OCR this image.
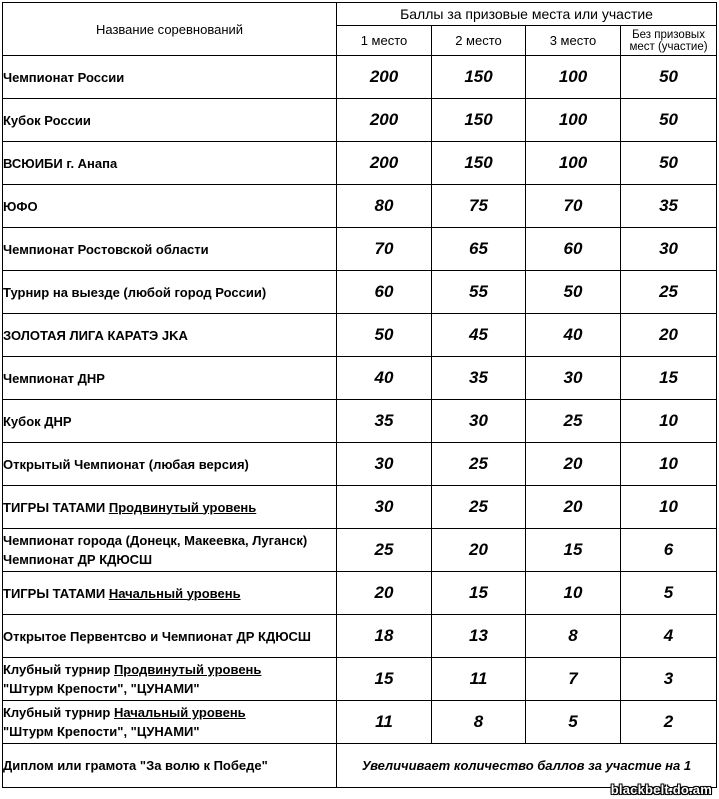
Название соревнований	Баллы за призовые места или участие			
	1 место	2 место	3 место	Без призовых мест (участие)
Чемпионат России	200	150	100	50
Кубок России	200	150	100	50
ВСЮИБИ г. Анапа	200	150	100	50
ЮФО	80	75	70	35
Чемпионат Ростовской области	70	65	60	30
Турнир на выезде (любой город России)	60	55	50	25
ЗОЛОТАЯ ЛИГА КАРАТЭ JKA	50	45	40	20
Чемпионат ДНР	40	35	30	15
Кубок ДНР	35	30	25	10
Открытый Чемпионат (любая версия)	30	25	20	10
ТИГРЫ ТАТАМИ Продвинутый уровень	30	25	20	10
Чемпионат города (Донецк, Макеевка, Луганск)
Чемпионат ДР КДЮСШ	25	20	15	6
ТИГРЫ ТАТАМИ Начальный уровень	20	15	10	5
Открытое Первентсво и Чемпионат ДР КДЮСШ	18	13	8	4
Клубный турнир Продвинутый уровень
"Штурм Крепости", "ЦУНАМИ"	15	11	7	3
Клубный турнир Начальный уровень
"Штурм Крепости", "ЦУНАМИ"	11	8	5	2
Диплом или грамота "За волю к Победе"	Увеличивает количество баллов за участие на 1			
blackbelt.do.am
